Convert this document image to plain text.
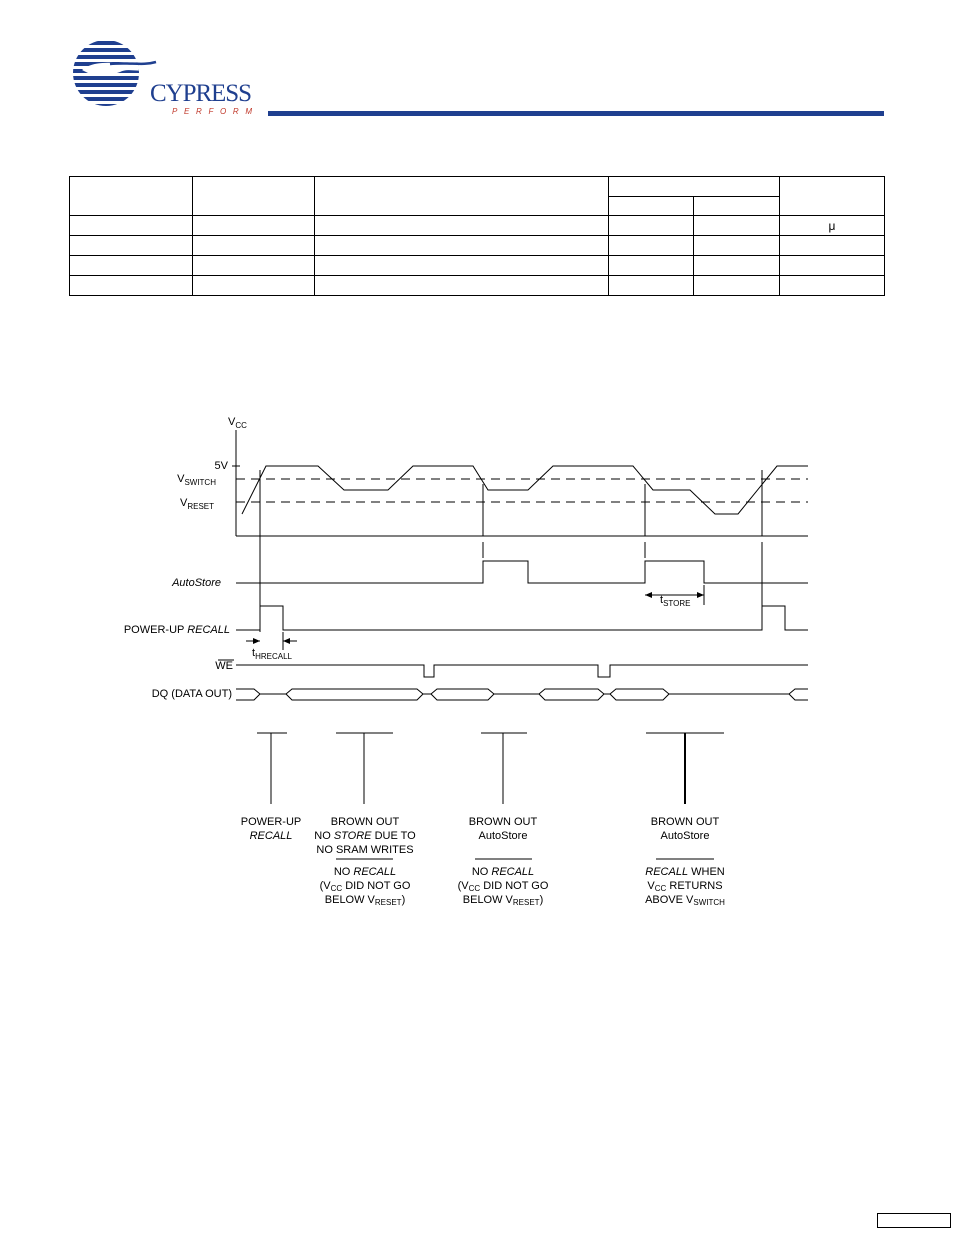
CYPRESS
PERFORM

					μ

$V_{CC}$
5V
$V_{SWITCH}$
$V_{RESET}$
AutoStore
POWER-UP RECALL
WE
DQ (DATA OUT)
$t_{HRECALL}$
$t_{STORE}$
POWER-UP
RECALL
BROWN OUT
NO STORE DUE TO
NO SRAM WRITES
NO RECALL
(VCC DID NOT GO
BELOW VRESET)
BROWN OUT
AutoStore
NO RECALL
(VCC DID NOT GO
BELOW VRESET)
BROWN OUT
AutoStore
RECALL WHEN
VCC RETURNS
ABOVE VSWITCH
